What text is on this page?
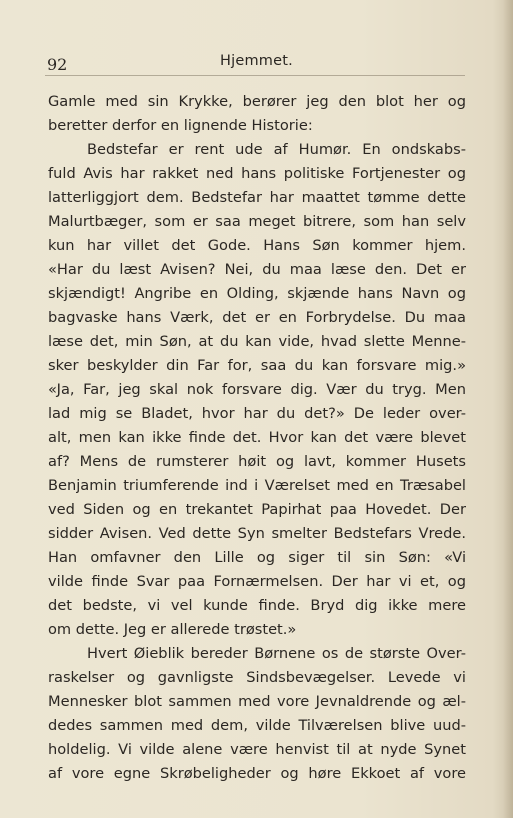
92	Hjemmet.

Gamle med sin Krykke, berører jeg den blot her og
beretter derfor en lignende Historie:
Bedstefar er rent ude af Humør. En ondskabs-
fuld Avis har rakket ned hans politiske Fortjenester og
latterliggjort dem. Bedstefar har maattet tømme dette
Malurtbæger, som er saa meget bitrere, som han selv
kun har villet det Gode. Hans Søn kommer hjem.
«Har du læst Avisen? Nei, du maa læse den. Det er
skjændigt! Angribe en Olding, skjænde hans Navn og
bagvaske hans Værk, det er en Forbrydelse. Du maa
læse det, min Søn, at du kan vide, hvad slette Menne-
sker beskylder din Far for, saa du kan forsvare mig.»
«Ja, Far, jeg skal nok forsvare dig. Vær du tryg. Men
lad mig se Bladet, hvor har du det?» De leder over-
alt, men kan ikke finde det. Hvor kan det være blevet
af? Mens de rumsterer høit og lavt, kommer Husets
Benjamin triumferende ind i Værelset med en Træsabel
ved Siden og en trekantet Papirhat paa Hovedet. Der
sidder Avisen. Ved dette Syn smelter Bedstefars Vrede.
Han omfavner den Lille og siger til sin Søn: «Vi
vilde finde Svar paa Fornærmelsen. Der har vi et, og
det bedste, vi vel kunde finde. Bryd dig ikke mere
om dette. Jeg er allerede trøstet.»
Hvert Øieblik bereder Børnene os de største Over-
raskelser og gavnligste Sindsbevægelser. Levede vi
Mennesker blot sammen med vore Jevnaldrende og æl-
dedes sammen med dem, vilde Tilværelsen blive uud-
holdelig. Vi vilde alene være henvist til at nyde Synet
af vore egne Skrøbeligheder og høre Ekkoet af vore
